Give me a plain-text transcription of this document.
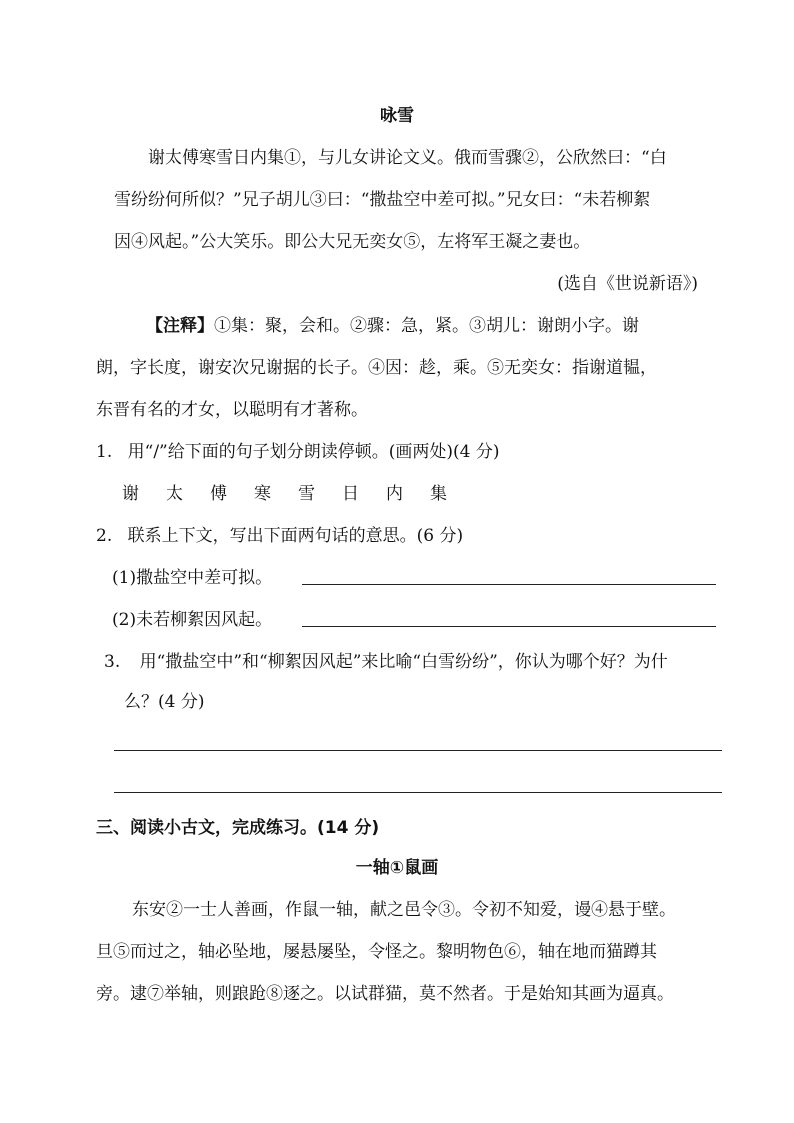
咏雪
谢太傅寒雪日内集①，与儿女讲论文义。俄而雪骤②，公欣然曰：“白
雪纷纷何所似？”兄子胡儿③曰：“撒盐空中差可拟。”兄女曰：“未若柳絮
因④风起。”公大笑乐。即公大兄无奕女⑤，左将军王凝之妻也。
(选自《世说新语》)
【注释】①集：聚，会和。②骤：急，紧。③胡儿：谢朗小字。谢
朗，字长度，谢安次兄谢据的长子。④因：趁，乘。⑤无奕女：指谢道韫，
东晋有名的才女，以聪明有才著称。
1. 用“/”给下面的句子划分朗读停顿。(画两处)(4 分)
谢 太 傅 寒 雪 日 内 集
2. 联系上下文，写出下面两句话的意思。(6 分)
(1)撒盐空中差可拟。
(2)未若柳絮因风起。
3. 用“撒盐空中”和“柳絮因风起”来比喻“白雪纷纷”，你认为哪个好？为什
么？(4 分)
三、阅读小古文，完成练习。(14 分)
一轴①鼠画
东安②一士人善画，作鼠一轴，献之邑令③。令初不知爱，谩④悬于壁。
旦⑤而过之，轴必坠地，屡悬屡坠，令怪之。黎明物色⑥，轴在地而猫蹲其
旁。逮⑦举轴，则踉跄⑧逐之。以试群猫，莫不然者。于是始知其画为逼真。
